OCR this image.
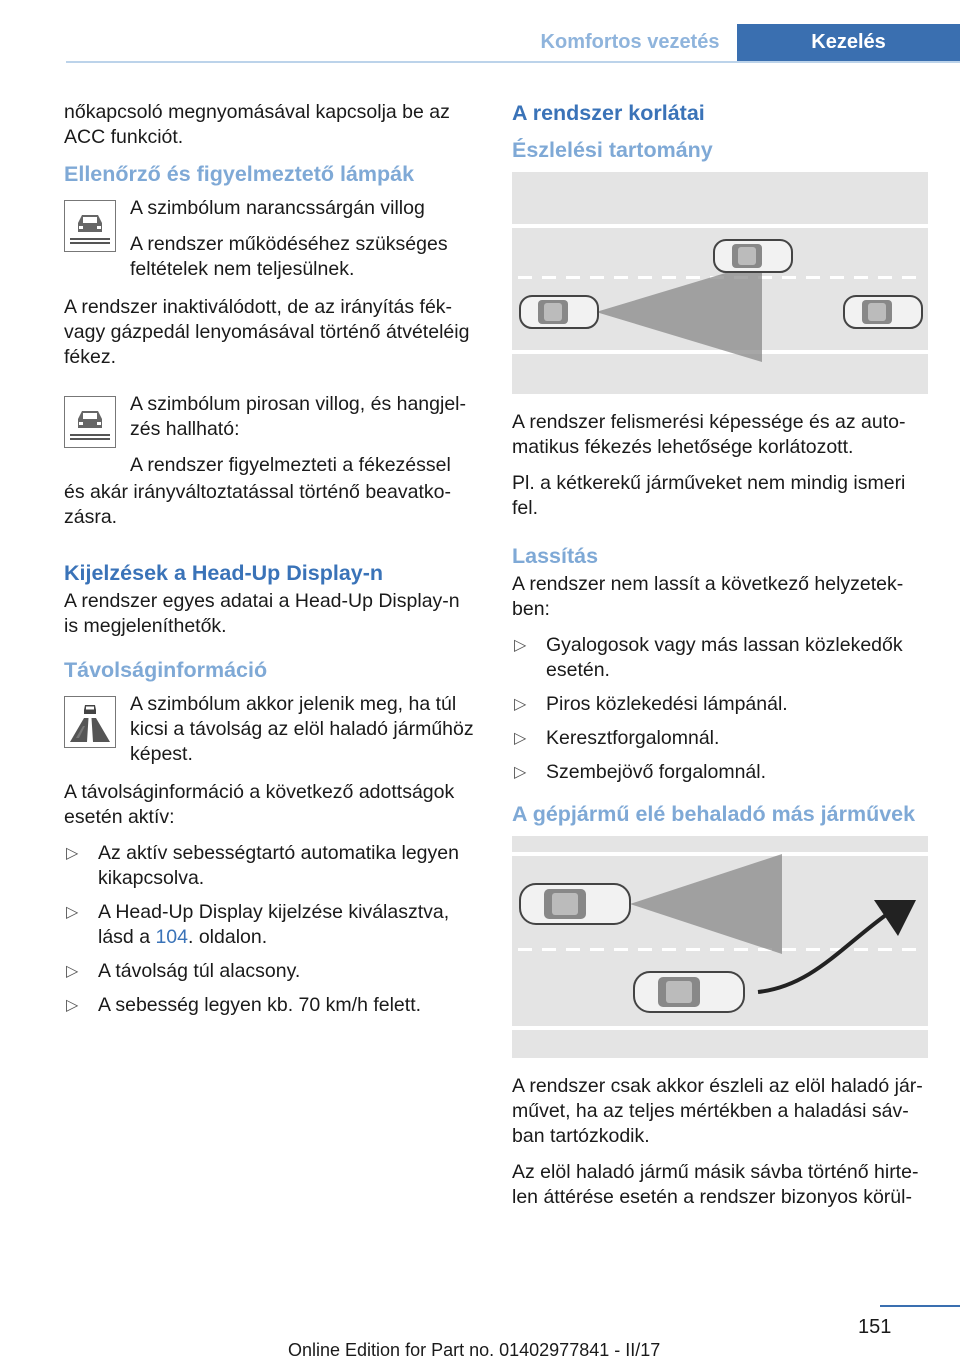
Komfortos vezetés	Kezelés

nőkapcsoló megnyomásával kapcsolja be az ACC funkciót.

Ellenőrző és figyelmeztető lámpák

A szimbólum narancssárgán villog

A rendszer működéséhez szükséges feltételek nem teljesülnek.

A rendszer inaktiválódott, de az irányítás fék- vagy gázpedál lenyomásával történő átvételéig fékez.

A szimbólum pirosan villog, és hangjel- zés hallható:

A rendszer figyelmezteti a fékezéssel

és akár irányváltoztatással történő beavatko- zásra.

Kijelzések a Head-Up Display-n

A rendszer egyes adatai a Head-Up Display-n is megjeleníthetők.

Távolságinformáció

A szimbólum akkor jelenik meg, ha túl kicsi a távolság az elöl haladó járműhöz képest.

A távolságinformáció a következő adottságok esetén aktív:

▷ Az aktív sebességtartó automatika legyen kikapcsolva.
▷ A Head-Up Display kijelzése kiválasztva, lásd a 104. oldalon.
▷ A távolság túl alacsony.
▷ A sebesség legyen kb. 70 km/h felett.
A rendszer korlátai
Észlelési tartomány

A rendszer felismerési képessége és az auto- matikus fékezés lehetősége korlátozott.

Pl. a kétkerekű járműveket nem mindig ismeri fel.

Lassítás

A rendszer nem lassít a következő helyzetek- ben:

▷ Gyalogosok vagy más lassan közlekedők esetén.
▷ Piros közlekedési lámpánál.
▷ Keresztforgalomnál.
▷ Szembejövő forgalomnál.
A gépjármű elé behaladó más járművek

A rendszer csak akkor észleli az elöl haladó jár- művet, ha az teljes mértékben a haladási sáv- ban tartózkodik.

Az elöl haladó jármű másik sávba történő hirte- len áttérése esetén a rendszer bizonyos körül-

151
Online Edition for Part no. 01402977841 - II/17
